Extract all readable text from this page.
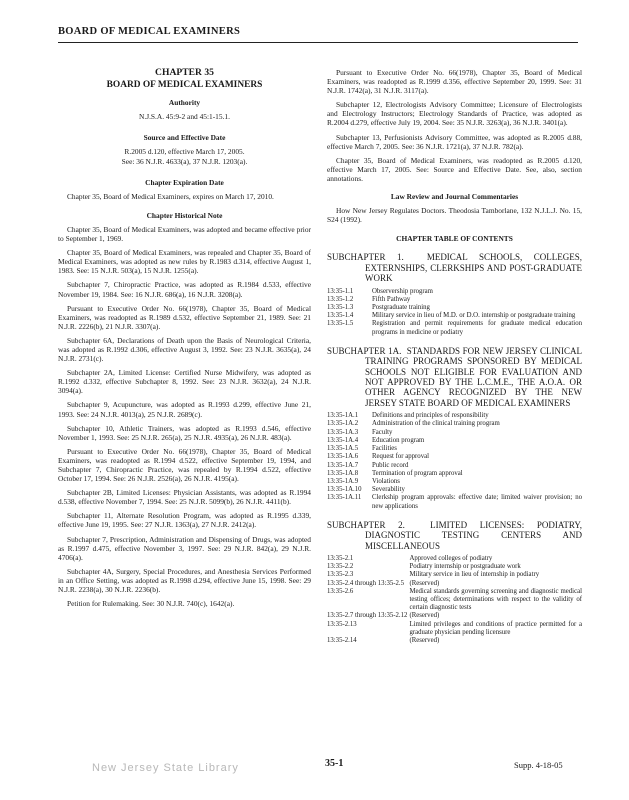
BOARD OF MEDICAL EXAMINERS
CHAPTER 35
BOARD OF MEDICAL EXAMINERS
Authority
N.J.S.A. 45:9-2 and 45:1-15.1.
Source and Effective Date
R.2005 d.120, effective March 17, 2005.
See: 36 N.J.R. 4633(a), 37 N.J.R. 1203(a).
Chapter Expiration Date

Chapter 35, Board of Medical Examiners, expires on March 17, 2010.

Chapter Historical Note

Chapter 35, Board of Medical Examiners, was adopted and became effective prior to September 1, 1969.

Chapter 35, Board of Medical Examiners, was repealed and Chapter 35, Board of Medical Examiners, was adopted as new rules by R.1983 d.314, effective August 1, 1983. See: 15 N.J.R. 503(a), 15 N.J.R. 1255(a).

Subchapter 7, Chiropractic Practice, was adopted as R.1984 d.533, effective November 19, 1984. See: 16 N.J.R. 686(a), 16 N.J.R. 3208(a).

Pursuant to Executive Order No. 66(1978), Chapter 35, Board of Medical Examiners, was readopted as R.1989 d.532, effective September 21, 1989. See: 21 N.J.R. 2226(b), 21 N.J.R. 3307(a).

Subchapter 6A, Declarations of Death upon the Basis of Neurological Criteria, was adopted as R.1992 d.306, effective August 3, 1992. See: 23 N.J.R. 3635(a), 24 N.J.R. 2731(c).

Subchapter 2A, Limited License: Certified Nurse Midwifery, was adopted as R.1992 d.332, effective Subchapter 8, 1992. See: 23 N.J.R. 3632(a), 24 N.J.R. 3094(a).

Subchapter 9, Acupuncture, was adopted as R.1993 d.299, effective June 21, 1993. See: 24 N.J.R. 4013(a), 25 N.J.R. 2689(c).

Subchapter 10, Athletic Trainers, was adopted as R.1993 d.546, effective November 1, 1993. See: 25 N.J.R. 265(a), 25 N.J.R. 4935(a), 26 N.J.R. 483(a).

Pursuant to Executive Order No. 66(1978), Chapter 35, Board of Medical Examiners, was readopted as R.1994 d.522, effective September 19, 1994, and Subchapter 7, Chiropractic Practice, was repealed by R.1994 d.522, effective October 17, 1994. See: 26 N.J.R. 2526(a), 26 N.J.R. 4195(a).

Subchapter 2B, Limited Licenses: Physician Assistants, was adopted as R.1994 d.538, effective November 7, 1994. See: 25 N.J.R. 5099(b), 26 N.J.R. 4411(b).

Subchapter 11, Alternate Resolution Program, was adopted as R.1995 d.339, effective June 19, 1995. See: 27 N.J.R. 1363(a), 27 N.J.R. 2412(a).

Subchapter 7, Prescription, Administration and Dispensing of Drugs, was adopted as R.1997 d.475, effective November 3, 1997. See: 29 N.J.R. 842(a), 29 N.J.R. 4706(a).

Subchapter 4A, Surgery, Special Procedures, and Anesthesia Services Performed in an Office Setting, was adopted as R.1998 d.294, effective June 15, 1998. See: 29 N.J.R. 2238(a), 30 N.J.R. 2236(b).

Petition for Rulemaking. See: 30 N.J.R. 740(c), 1642(a).

Pursuant to Executive Order No. 66(1978), Chapter 35, Board of Medical Examiners, was readopted as R.1999 d.356, effective September 20, 1999. See: 31 N.J.R. 1742(a), 31 N.J.R. 3117(a).

Subchapter 12, Electrologists Advisory Committee; Licensure of Electrologists and Electrology Instructors; Electrology Standards of Practice, was adopted as R.2004 d.279, effective July 19, 2004. See: 35 N.J.R. 3263(a), 36 N.J.R. 3401(a).

Subchapter 13, Perfusionists Advisory Committee, was adopted as R.2005 d.88, effective March 7, 2005. See: 36 N.J.R. 1721(a), 37 N.J.R. 782(a).

Chapter 35, Board of Medical Examiners, was readopted as R.2005 d.120, effective March 17, 2005. See: Source and Effective Date. See, also, section annotations.

Law Review and Journal Commentaries

How New Jersey Regulates Doctors. Theodosia Tamborlane, 132 N.J.L.J. No. 15, S24 (1992).

CHAPTER TABLE OF CONTENTS
SUBCHAPTER 1.	MEDICAL SCHOOLS, COLLEGES, EXTERNSHIPS, CLERKSHIPS AND POST-GRADUATE WORK
13:35-1.1	Observership program
13:35-1.2	Fifth Pathway
13:35-1.3	Postgraduate training
13:35-1.4	Military service in lieu of M.D. or D.O. internship or postgraduate training
13:35-1.5	Registration and permit requirements for graduate medical education programs in medicine or podiatry
SUBCHAPTER 1A. STANDARDS FOR NEW JERSEY CLINICAL TRAINING PROGRAMS SPONSORED BY MEDICAL SCHOOLS NOT ELIGIBLE FOR EVALUATION AND NOT APPROVED BY THE L.C.M.E., THE A.O.A. OR OTHER AGENCY RECOGNIZED BY THE NEW JERSEY STATE BOARD OF MEDICAL EXAMINERS
13:35-1A.1	Definitions and principles of responsibility
13:35-1A.2	Administration of the clinical training program
13:35-1A.3	Faculty
13:35-1A.4	Education program
13:35-1A.5	Facilities
13:35-1A.6	Request for approval
13:35-1A.7	Public record
13:35-1A.8	Termination of program approval
13:35-1A.9	Violations
13:35-1A.10	Severability
13:35-1A.11	Clerkship program approvals: effective date; limited waiver provision; no new applications
SUBCHAPTER 2.	LIMITED LICENSES: PODIATRY, DIAGNOSTIC TESTING CENTERS AND MISCELLANEOUS
13:35-2.1	Approved colleges of podiatry
13:35-2.2	Podiatry internship or postgraduate work
13:35-2.3	Military service in lieu of internship in podiatry
13:35-2.4 through 13:35-2.5	(Reserved)
13:35-2.6	Medical standards governing screening and diagnostic medical testing offices; determinations with respect to the validity of certain diagnostic tests
13:35-2.7 through 13:35-2.12	(Reserved)
13:35-2.13	Limited privileges and conditions of practice permitted for a graduate physician pending licensure
13:35-2.14	(Reserved)
New Jersey State Library	35-1	Supp. 4-18-05
